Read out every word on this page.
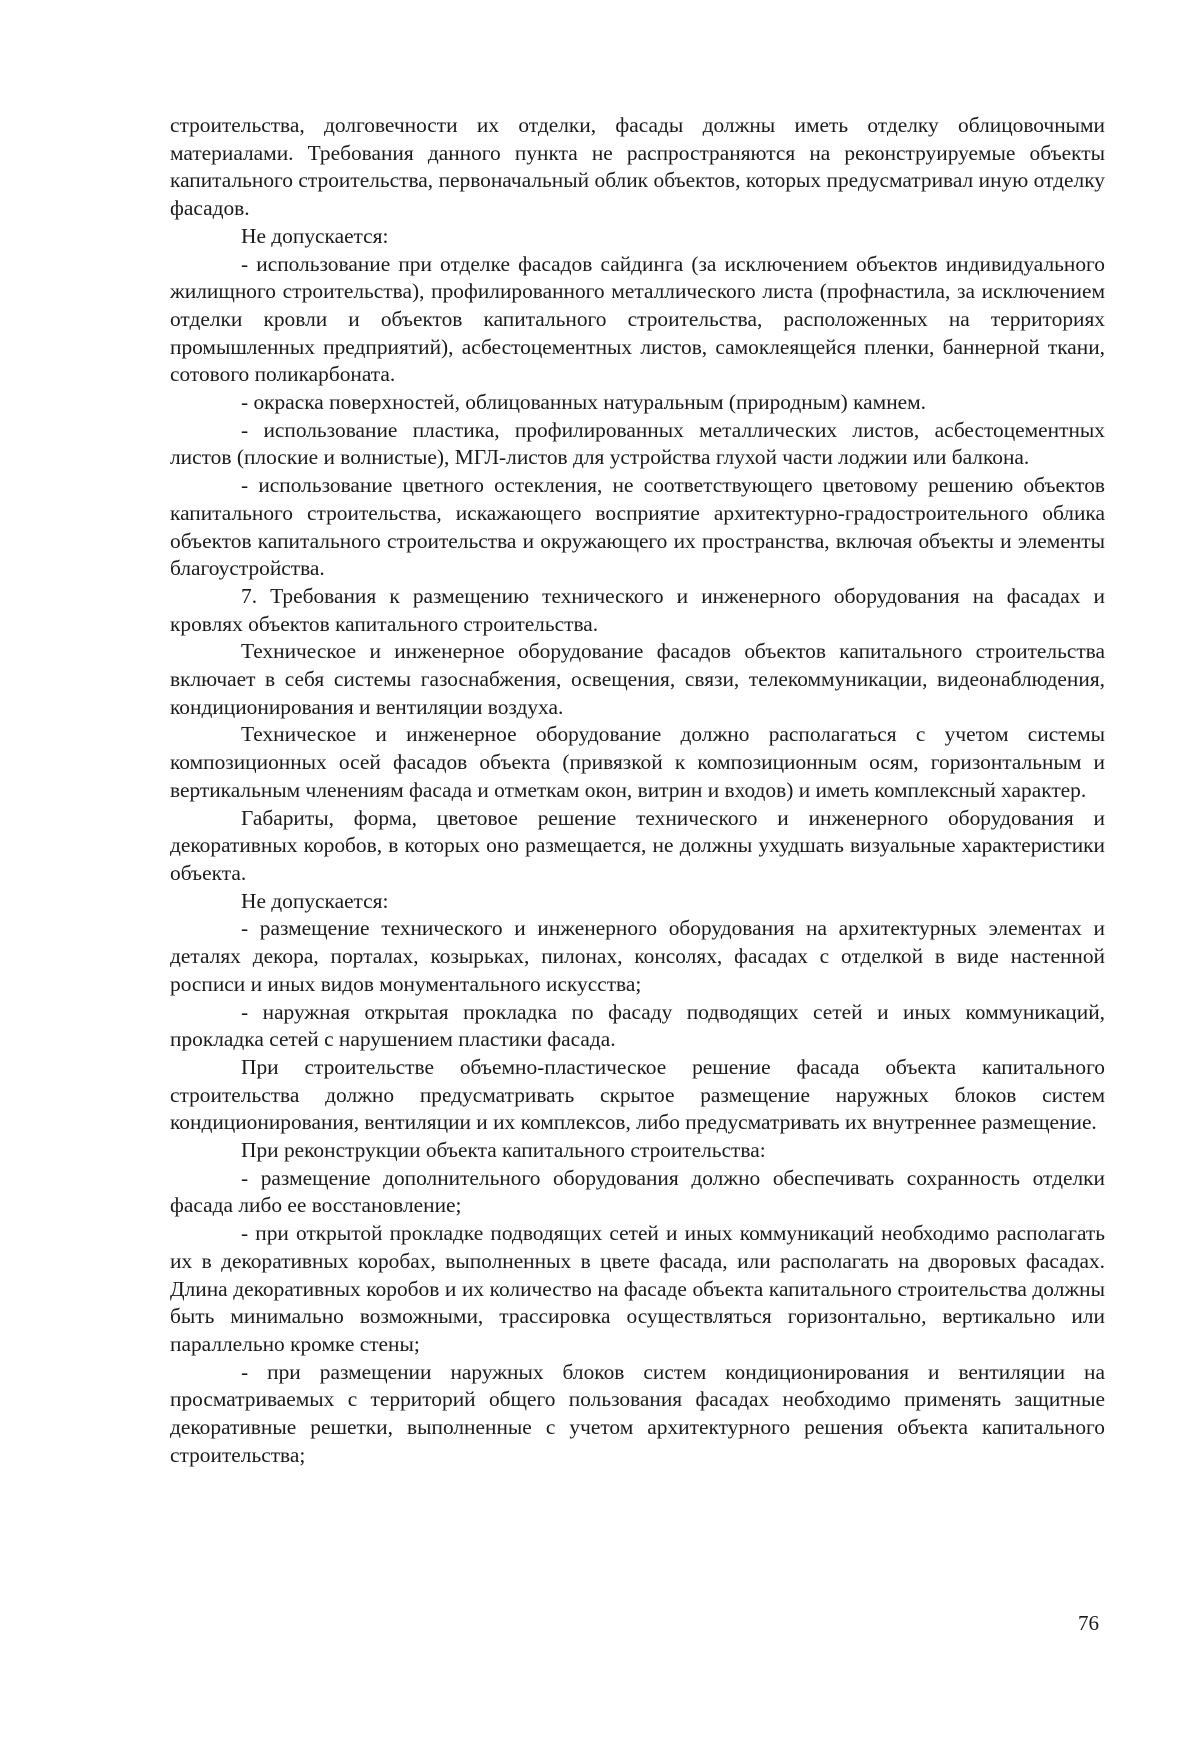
строительства, долговечности их отделки, фасады должны иметь отделку облицовочными материалами. Требования данного пункта не распространяются на реконструируемые объекты капитального строительства, первоначальный облик объектов, которых предусматривал иную отделку фасадов.

Не допускается:

- использование при отделке фасадов сайдинга (за исключением объектов индивидуального жилищного строительства), профилированного металлического листа (профнастила, за исключением отделки кровли и объектов капитального строительства, расположенных на территориях промышленных предприятий), асбестоцементных листов, самоклеящейся пленки, баннерной ткани, сотового поликарбоната.

- окраска поверхностей, облицованных натуральным (природным) камнем.

- использование пластика, профилированных металлических листов, асбестоцементных листов (плоские и волнистые), МГЛ-листов для устройства глухой части лоджии или балкона.

- использование цветного остекления, не соответствующего цветовому решению объектов капитального строительства, искажающего восприятие архитектурно-градостроительного облика объектов капитального строительства и окружающего их пространства, включая объекты и элементы благоустройства.

7. Требования к размещению технического и инженерного оборудования на фасадах и кровлях объектов капитального строительства.

Техническое и инженерное оборудование фасадов объектов капитального строительства включает в себя системы газоснабжения, освещения, связи, телекоммуникации, видеонаблюдения, кондиционирования и вентиляции воздуха.

Техническое и инженерное оборудование должно располагаться с учетом системы композиционных осей фасадов объекта (привязкой к композиционным осям, горизонтальным и вертикальным членениям фасада и отметкам окон, витрин и входов) и иметь комплексный характер.

Габариты, форма, цветовое решение технического и инженерного оборудования и декоративных коробов, в которых оно размещается, не должны ухудшать визуальные характеристики объекта.

Не допускается:

- размещение технического и инженерного оборудования на архитектурных элементах и деталях декора, порталах, козырьках, пилонах, консолях, фасадах с отделкой в виде настенной росписи и иных видов монументального искусства;

- наружная открытая прокладка по фасаду подводящих сетей и иных коммуникаций, прокладка сетей с нарушением пластики фасада.

При строительстве объемно-пластическое решение фасада объекта капитального строительства должно предусматривать скрытое размещение наружных блоков систем кондиционирования, вентиляции и их комплексов, либо предусматривать их внутреннее размещение.

При реконструкции объекта капитального строительства:

- размещение дополнительного оборудования должно обеспечивать сохранность отделки фасада либо ее восстановление;

- при открытой прокладке подводящих сетей и иных коммуникаций необходимо располагать их в декоративных коробах, выполненных в цвете фасада, или располагать на дворовых фасадах. Длина декоративных коробов и их количество на фасаде объекта капитального строительства должны быть минимально возможными, трассировка осуществляться горизонтально, вертикально или параллельно кромке стены;

- при размещении наружных блоков систем кондиционирования и вентиляции на просматриваемых с территорий общего пользования фасадах необходимо применять защитные декоративные решетки, выполненные с учетом архитектурного решения объекта капитального строительства;

76
